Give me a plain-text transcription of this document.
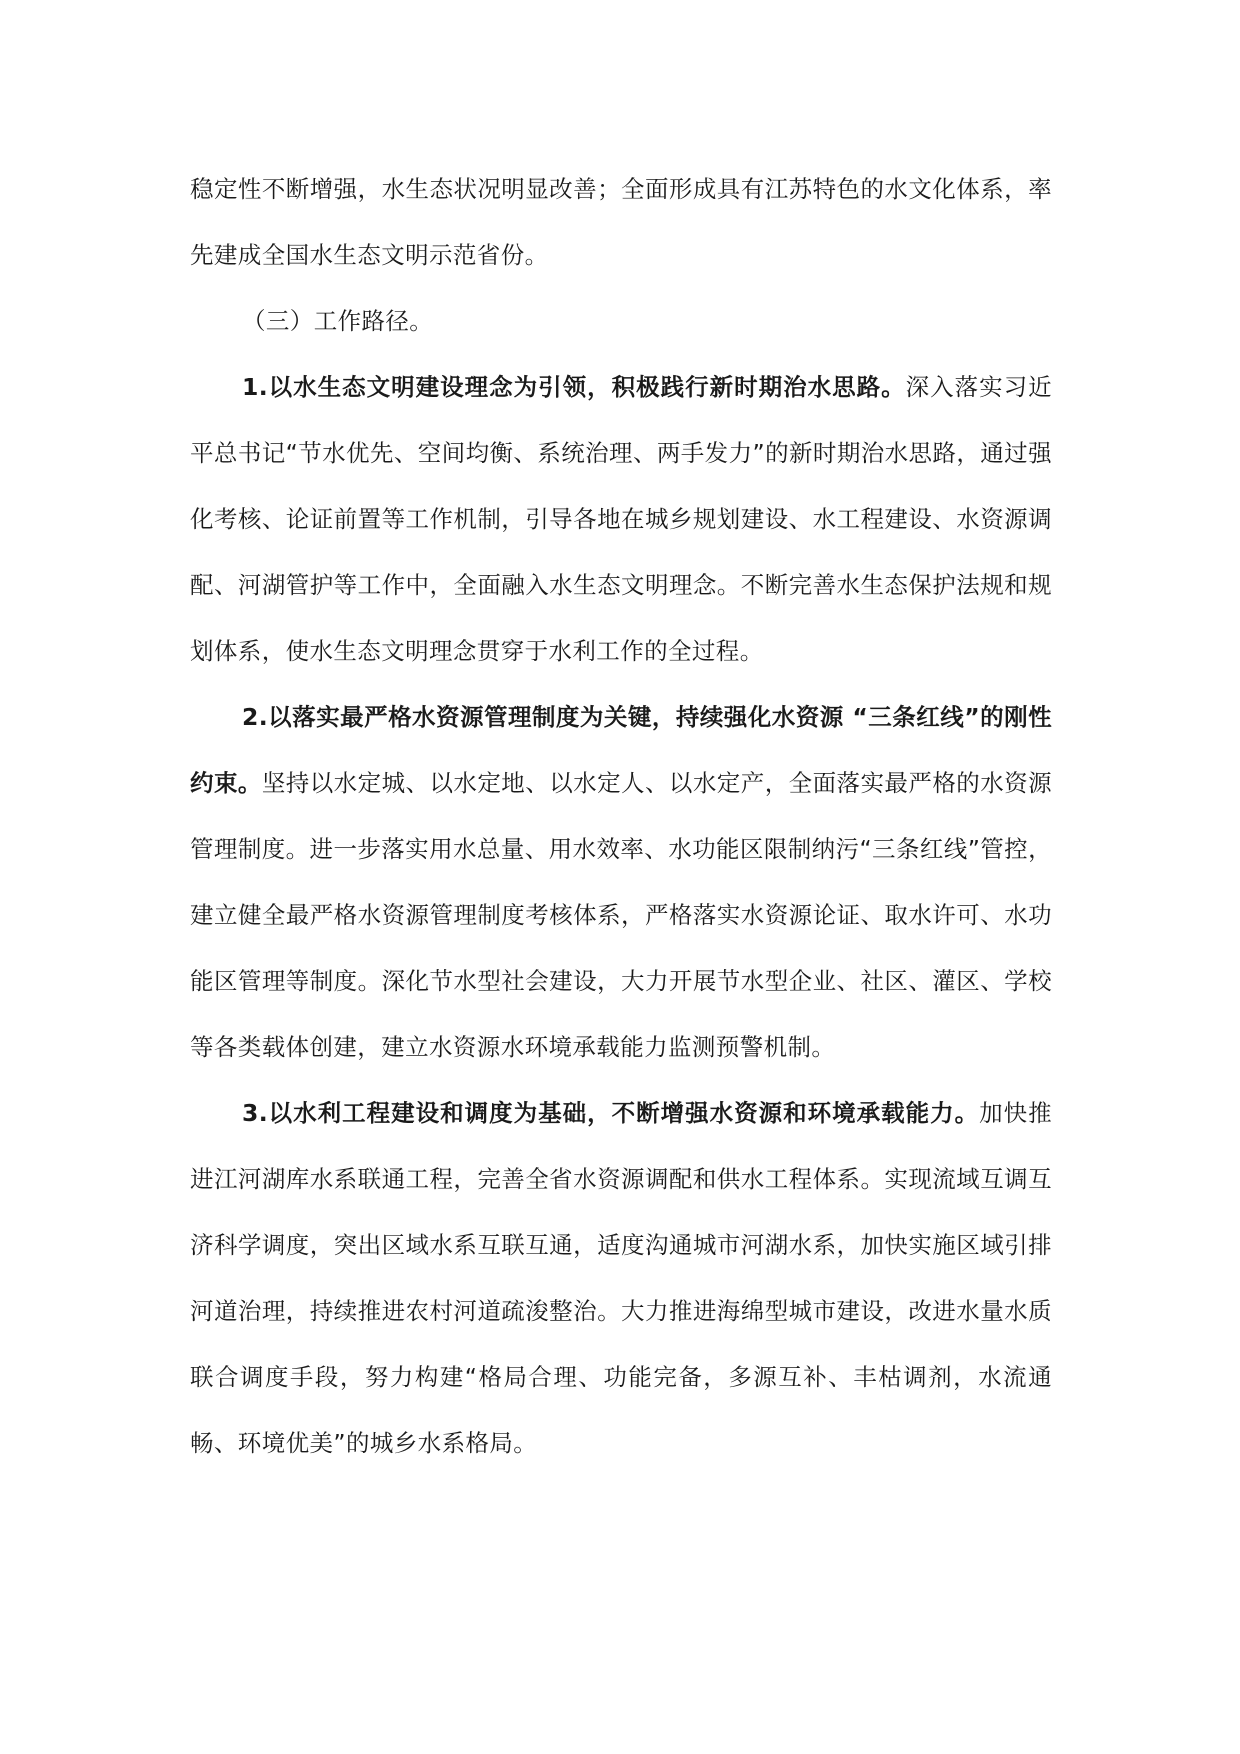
稳定性不断增强，水生态状况明显改善；全面形成具有江苏特色的水文化体系，率先建成全国水生态文明示范省份。

（三）工作路径。

1.以水生态文明建设理念为引领，积极践行新时期治水思路。深入落实习近平总书记“节水优先、空间均衡、系统治理、两手发力”的新时期治水思路，通过强化考核、论证前置等工作机制，引导各地在城乡规划建设、水工程建设、水资源调配、河湖管护等工作中，全面融入水生态文明理念。不断完善水生态保护法规和规划体系，使水生态文明理念贯穿于水利工作的全过程。

2.以落实最严格水资源管理制度为关键，持续强化水资源 “三条红线”的刚性约束。坚持以水定城、以水定地、以水定人、以水定产，全面落实最严格的水资源管理制度。进一步落实用水总量、用水效率、水功能区限制纳污“三条红线”管控，建立健全最严格水资源管理制度考核体系，严格落实水资源论证、取水许可、水功能区管理等制度。深化节水型社会建设，大力开展节水型企业、社区、灌区、学校等各类载体创建，建立水资源水环境承载能力监测预警机制。

3.以水利工程建设和调度为基础，不断增强水资源和环境承载能力。加快推进江河湖库水系联通工程，完善全省水资源调配和供水工程体系。实现流域互调互济科学调度，突出区域水系互联互通，适度沟通城市河湖水系，加快实施区域引排河道治理，持续推进农村河道疏浚整治。大力推进海绵型城市建设，改进水量水质联合调度手段，努力构建“格局合理、功能完备，多源互补、丰枯调剂，水流通畅、环境优美”的城乡水系格局。
